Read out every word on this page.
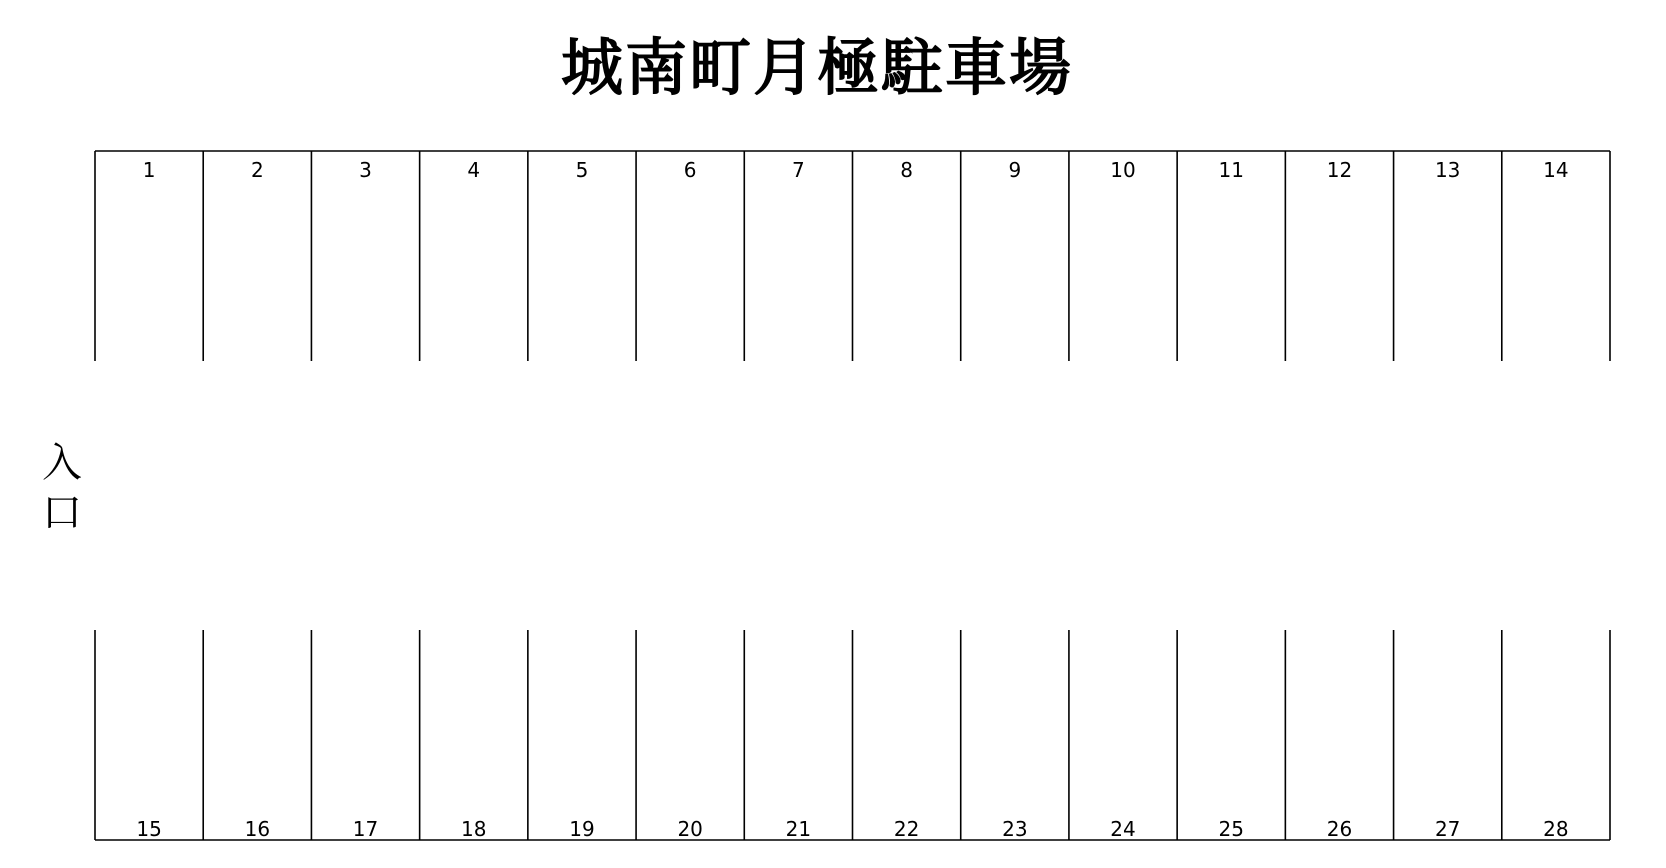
城南町月極駐車場
入
口
1	2	3	4	5	6	7	8	9	10	11	12	13	14
15	16	17	18	19	20	21	22	23	24	25	26	27	28
